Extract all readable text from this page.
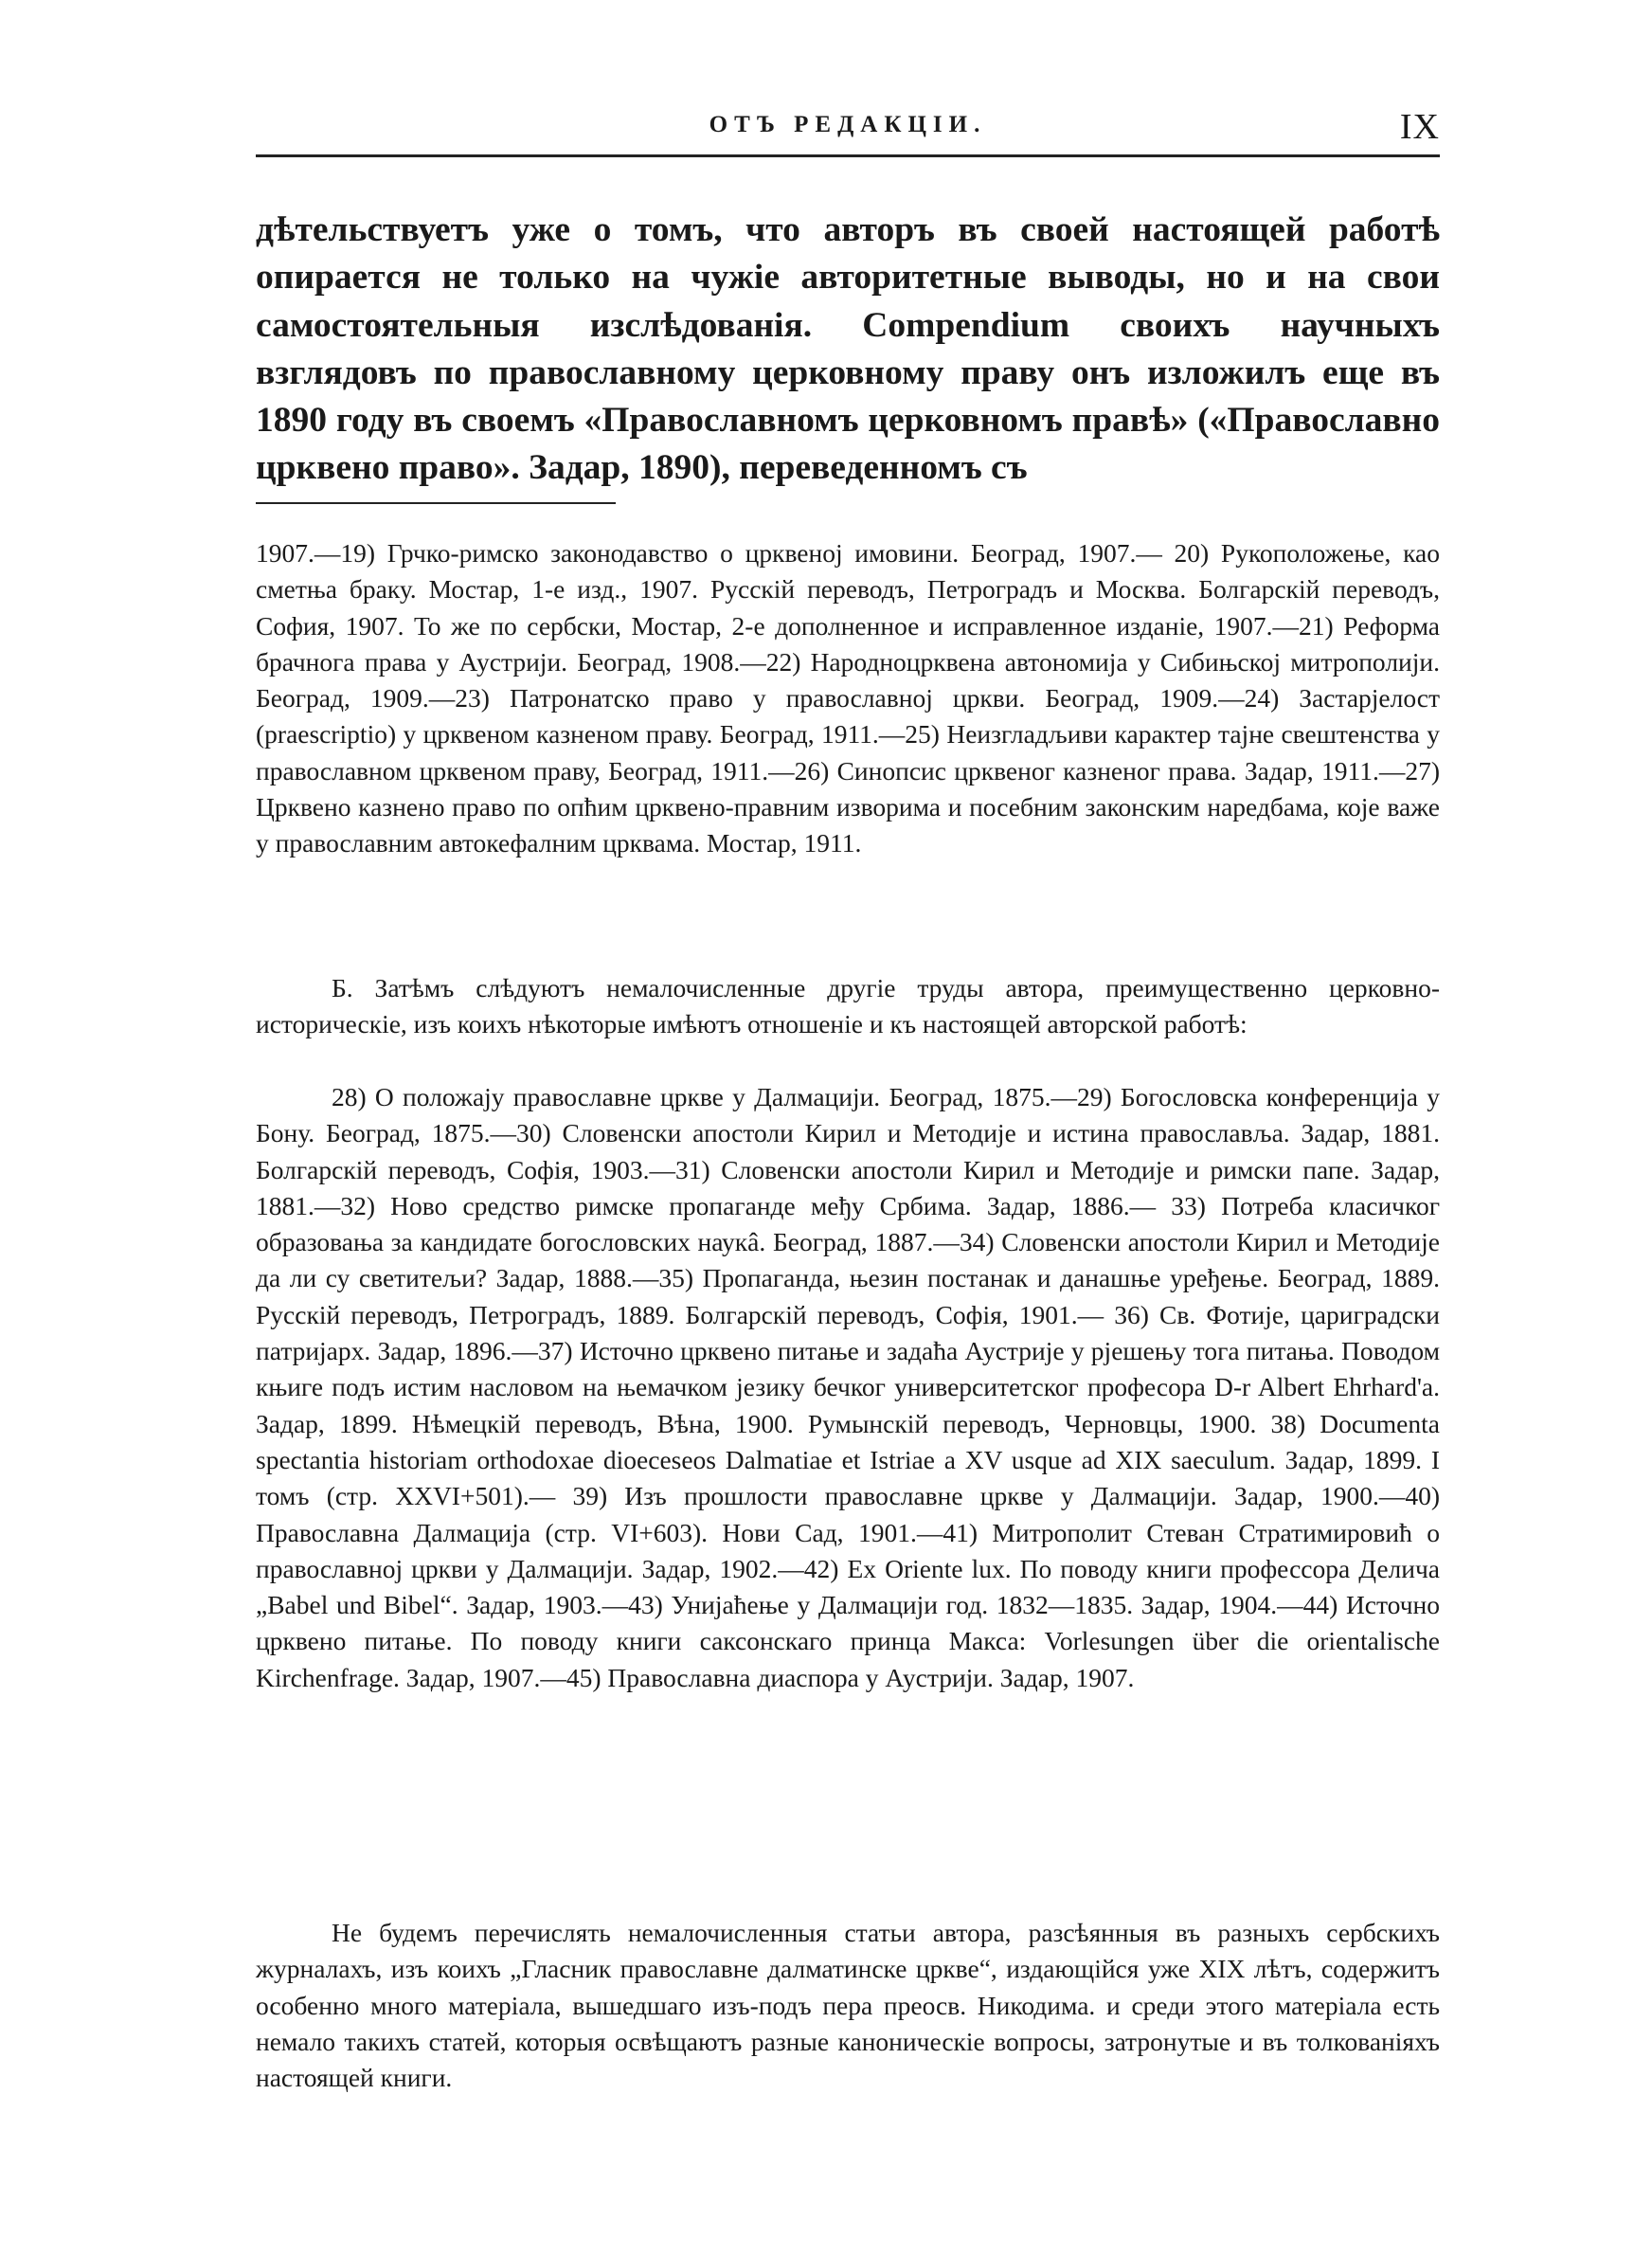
ОТЪ РЕДАКЦІИ.	IX

дѣтельствуетъ уже о томъ, что авторъ въ своей настоящей работѣ опирается не только на чужіе авторитетные выводы, но и на свои самостоятельныя изслѣдованія. Compendium своихъ научныхъ взглядовъ по православному церковному праву онъ изложилъ еще въ 1890 году въ своемъ «Православномъ церковномъ правѣ» («Православно црквено право». Задар, 1890), переведенномъ съ

1907.—19) Грчко-римско законодавство о црквеној имовини. Београд, 1907.— 20) Рукоположење, као сметња браку. Мостар, 1-е изд., 1907. Русскій переводъ, Петроградъ и Москва. Болгарскій переводъ, София, 1907. То же по сербски, Мостар, 2-е дополненное и исправленное изданіе, 1907.—21) Реформа брачнога права у Аустрији. Београд, 1908.—22) Народноцрквена автономија у Сибињској митрополији. Београд, 1909.—23) Патронатско право у православној цркви. Београд, 1909.—24) Застарјелост (praescriptio) у црквеном казненом праву. Београд, 1911.—25) Неизгладљиви карактер тајне свештенства у православном црквеном праву, Београд, 1911.—26) Синопсис црквеног казненог права. Задар, 1911.—27) Црквено казнено право по опћим црквено-правним изворима и посебним законским наредбама, које важе у православним автокефалним црквама. Мостар, 1911.

Б. Затѣмъ слѣдуютъ немалочисленные другіе труды автора, преимущественно церковно-историческіе, изъ коихъ нѣкоторые имѣютъ отношеніе и къ настоящей авторской работѣ:

28) О положају православне цркве у Далмацији. Београд, 1875.—29) Богословска конференција у Бону. Београд, 1875.—30) Словенски апостоли Кирил и Методије и истина православља. Задар, 1881. Болгарскій переводъ, Софія, 1903.—31) Словенски апостоли Кирил и Методије и римски папе. Задар, 1881.—32) Ново средство римске пропаганде међу Србима. Задар, 1886.— 33) Потреба класичког образовања за кандидате богословских наукâ. Београд, 1887.—34) Словенски апостоли Кирил и Методије да ли су светитељи? Задар, 1888.—35) Пропаганда, њезин постанак и данашње уређење. Београд, 1889. Русскій переводъ, Петроградъ, 1889. Болгарскій переводъ, Софія, 1901.— 36) Св. Фотије, цариградски патријарх. Задар, 1896.—37) Источно црквено питање и задаћа Аустрије у рјешењу тога питања. Поводом књиге подъ истим насловом на њемачком језику бечког университетског професора D-r Albert Ehrhard'a. Задар, 1899. Нѣмецкій переводъ, Вѣна, 1900. Румынскій переводъ, Черновцы, 1900. 38) Documenta spectantia historiam orthodoxae dioeceseos Dalmatiae et Istriae a XV usque ad XIX saeculum. Задар, 1899. I томъ (стр. XXVI+501).— 39) Изъ прошлости православне цркве у Далмацији. Задар, 1900.—40) Православна Далмација (стр. VI+603). Нови Сад, 1901.—41) Митрополит Стеван Стратимировић о православној цркви у Далмацији. Задар, 1902.—42) Ex Oriente lux. По поводу книги профессора Делича „Babel und Bibel“. Задар, 1903.—43) Унијаћење у Далмацији год. 1832—1835. Задар, 1904.—44) Источно црквено питање. По поводу книги саксонскаго принца Макса: Vorlesungen über die orientalische Kirchenfrage. Задар, 1907.—45) Православна диаспора у Аустрији. Задар, 1907.

Не будемъ перечислять немалочисленныя статьи автора, разсѣянныя въ разныхъ сербскихъ журналахъ, изъ коихъ „Гласник православне далматинске цркве“, издающійся уже XIX лѣтъ, содержитъ особенно много матеріала, вышедшаго изъ-подъ пера преосв. Никодима. и среди этого матеріала есть немало такихъ статей, которыя освѣщаютъ разные каноническіе вопросы, затронутые и въ толкованіяхъ настоящей книги.
